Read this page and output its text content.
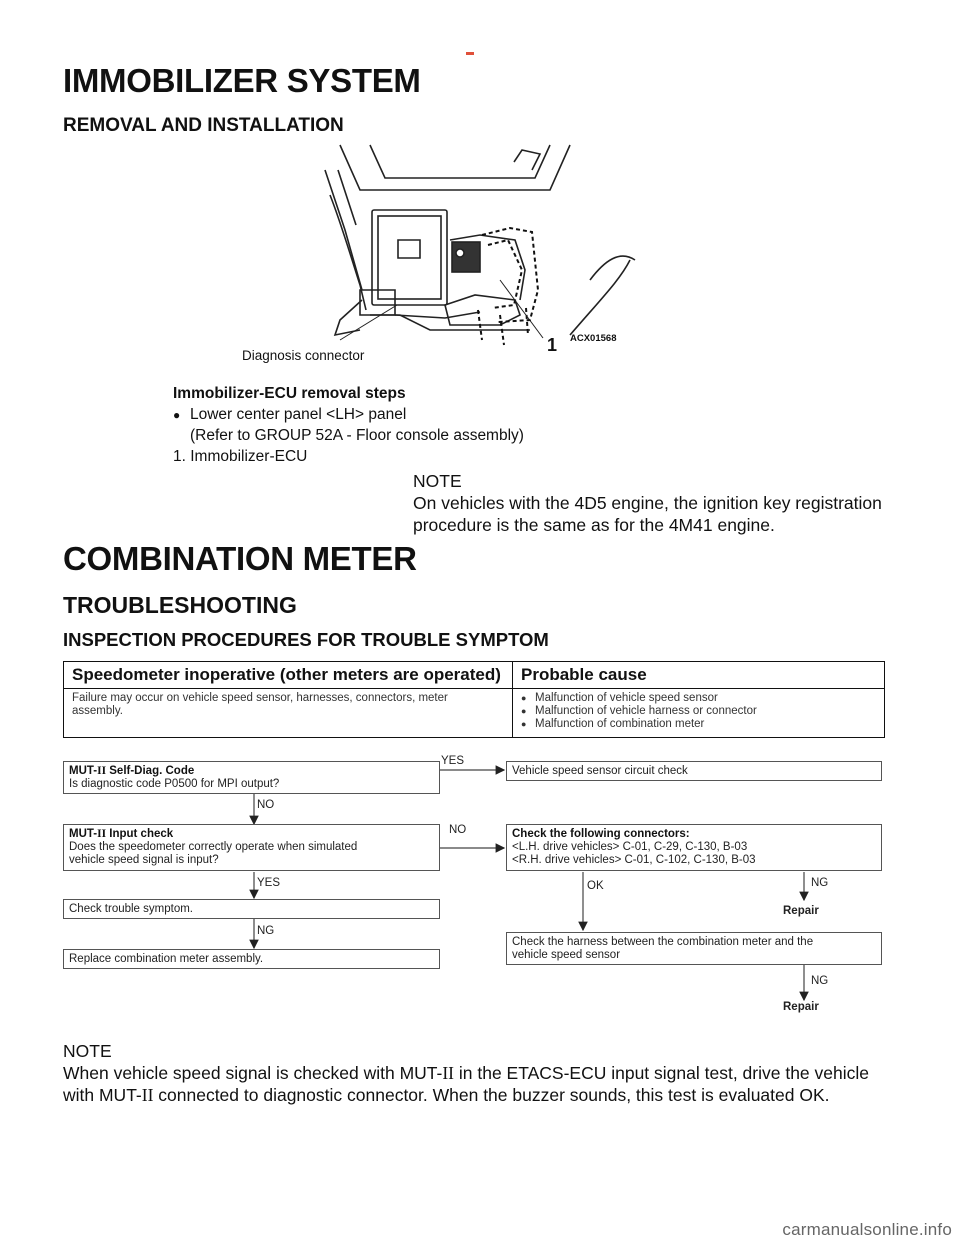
IMMOBILIZER SYSTEM
REMOVAL AND INSTALLATION
Diagnosis connector
1 ACX01568
Immobilizer-ECU removal steps
● Lower center panel <LH> panel
(Refer to GROUP 52A - Floor console assembly)
1. Immobilizer-ECU
NOTE
On vehicles with the 4D5 engine, the ignition key registration
procedure is the same as for the 4M41 engine.
COMBINATION METER
TROUBLESHOOTING
INSPECTION PROCEDURES FOR TROUBLE SYMPTOM
Speedometer inoperative (other meters are operated)	Probable cause

Failure may occur on vehicle speed sensor, harnesses, connectors, meter
assembly.	● Malfunction of vehicle speed sensor
● Malfunction of vehicle harness or connector
● Malfunction of combination meter
MUT-II Self-Diag. Code
Is diagnostic code P0500 for MPI output?
YES
Vehicle speed sensor circuit check
NO
MUT-II Input check
Does the speedometer correctly operate when simulated
vehicle speed signal is input?
NO	Check the following connectors:
<L.H. drive vehicles> C-01, C-29, C-130, B-03
<R.H. drive vehicles> C-01, C-102, C-130, B-03
YES	OK	NG
Repair
Check trouble symptom.
NG
Replace combination meter assembly.
Check the harness between the combination meter and the
vehicle speed sensor
NG
Repair
NOTE
When vehicle speed signal is checked with MUT-II in the ETACS-ECU input signal test, drive the vehicle
with MUT-II connected to diagnostic connector. When the buzzer sounds, this test is evaluated OK.
carmanualsonline.info
